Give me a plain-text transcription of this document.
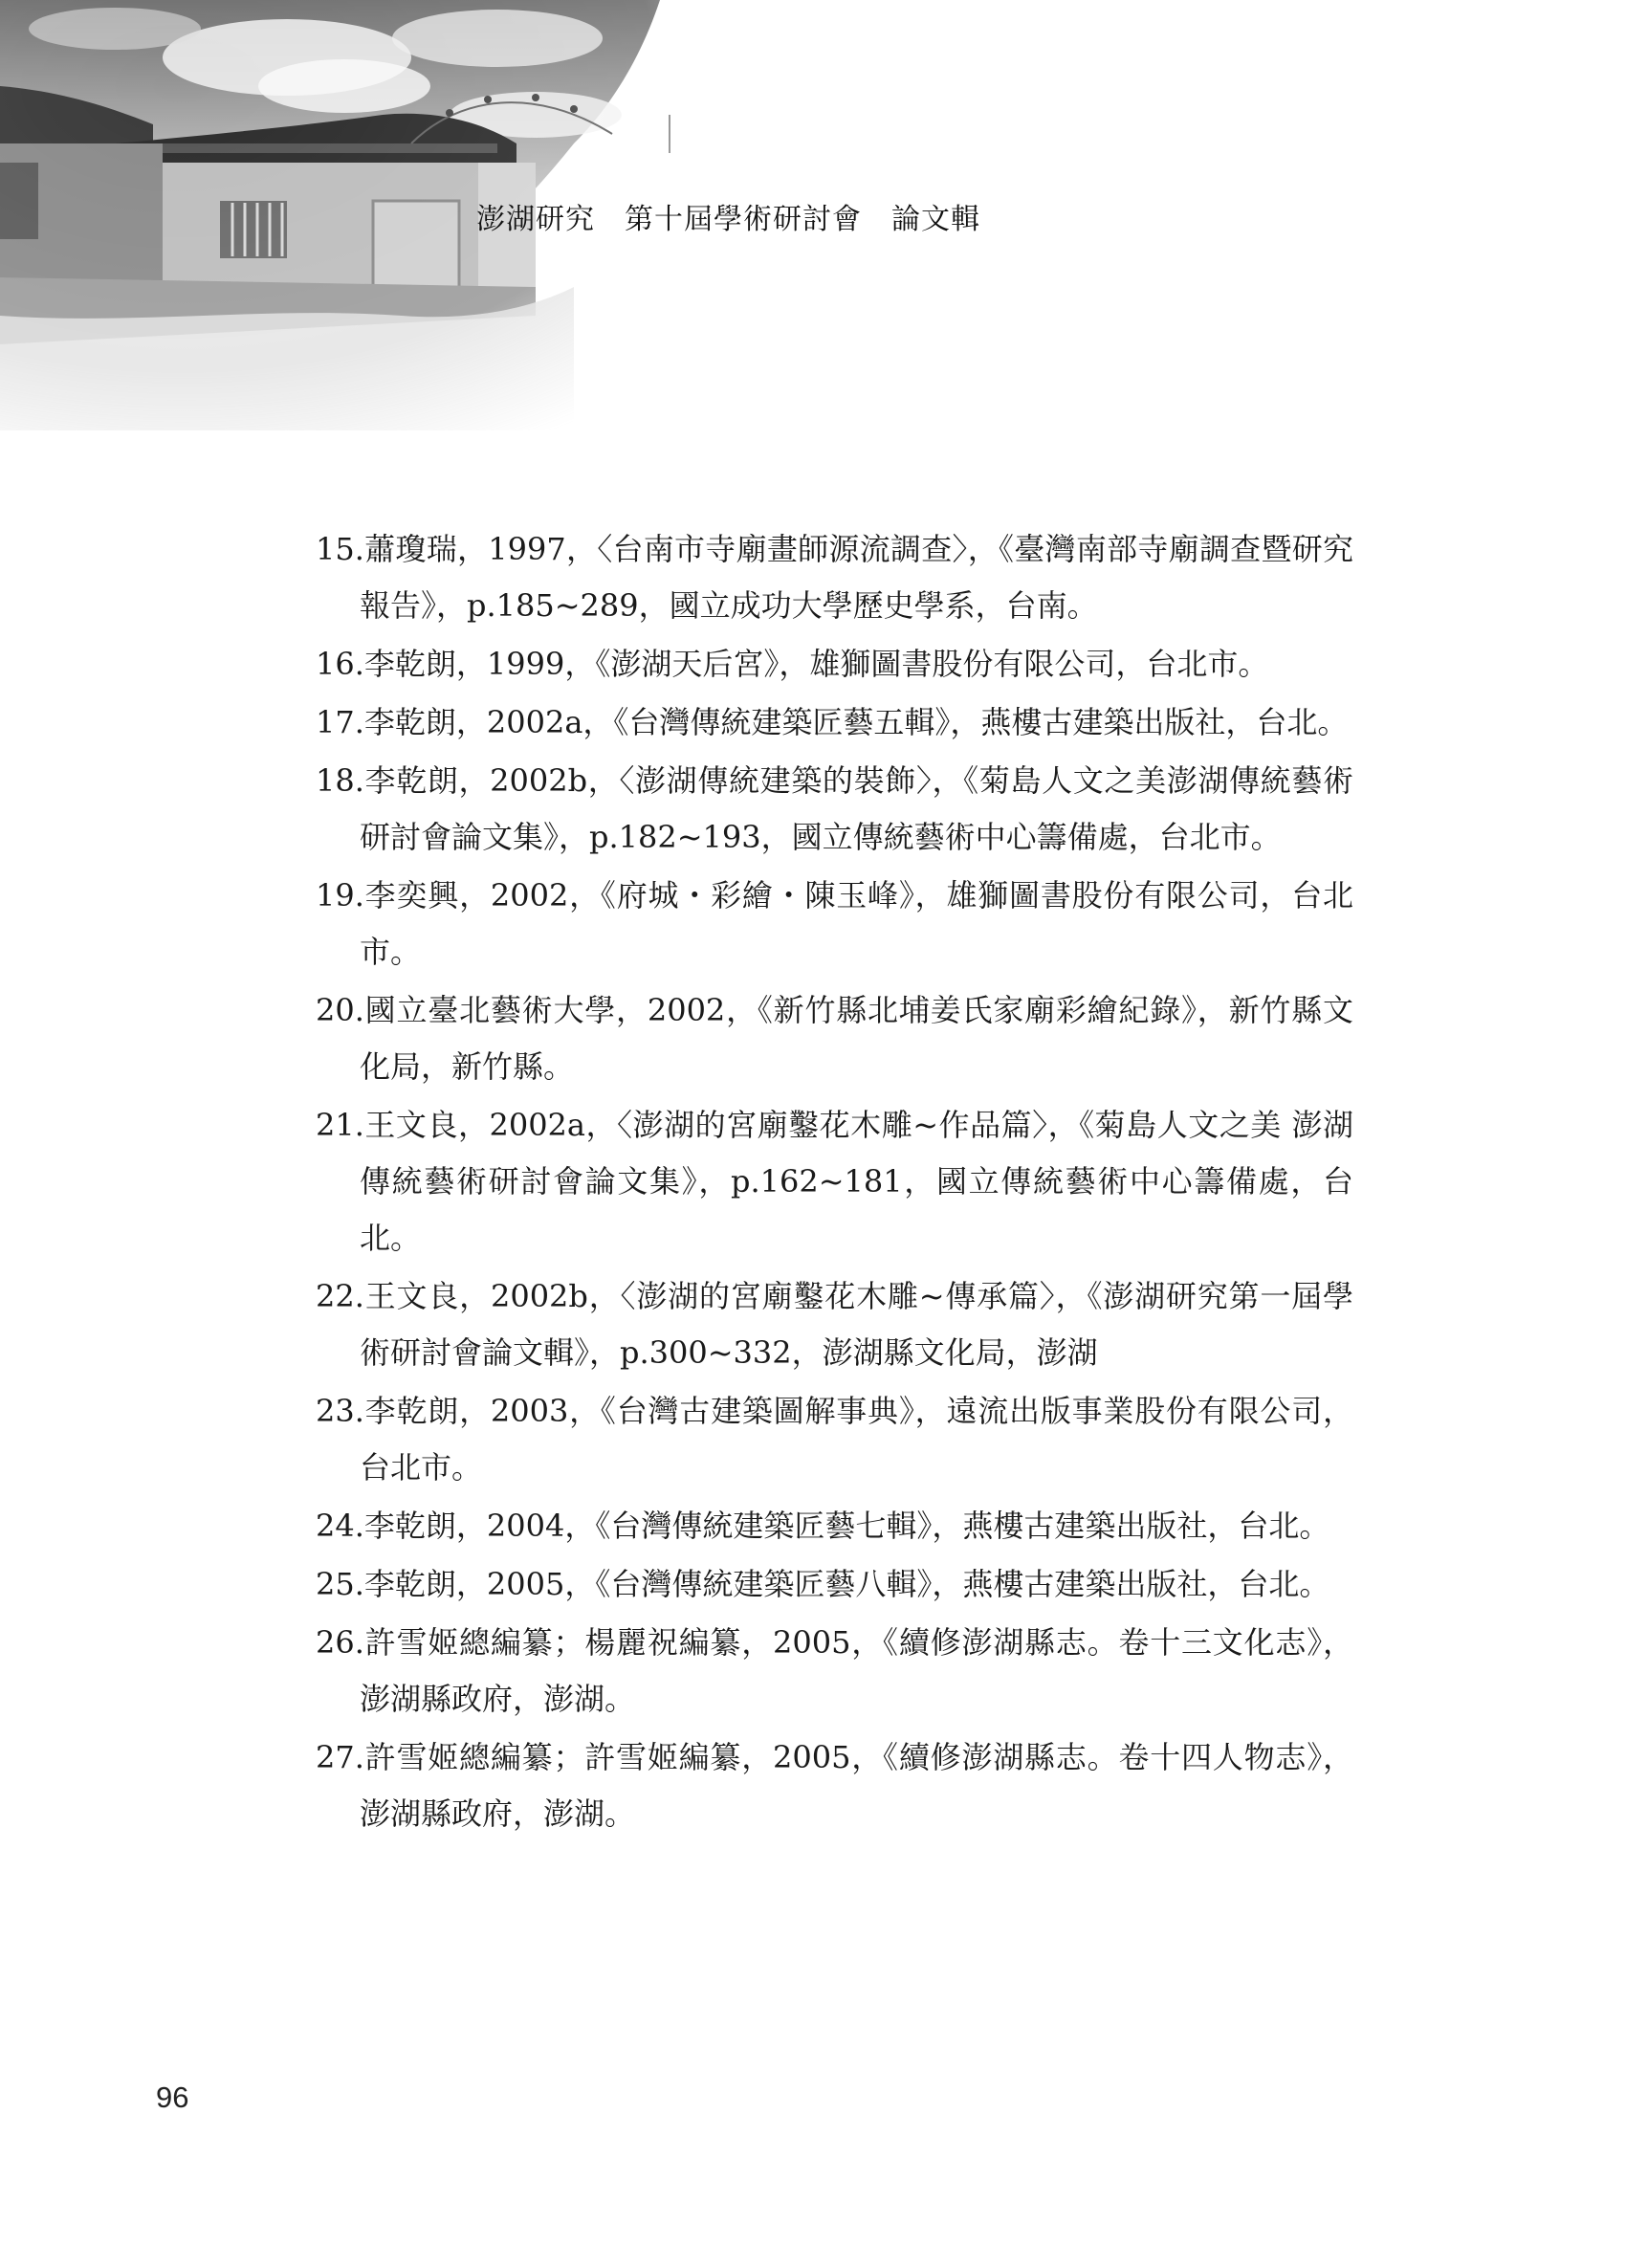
澎湖研究　第十屆學術研討會　論文輯
15.蕭瓊瑞，1997，〈台南市寺廟畫師源流調查〉，《臺灣南部寺廟調查暨研究報告》，p.185~289，國立成功大學歷史學系，台南。
16.李乾朗，1999，《澎湖天后宮》，雄獅圖書股份有限公司，台北市。
17.李乾朗，2002a，《台灣傳統建築匠藝五輯》，燕樓古建築出版社，台北。
18.李乾朗，2002b，〈澎湖傳統建築的裝飾〉，《菊島人文之美澎湖傳統藝術研討會論文集》，p.182~193，國立傳統藝術中心籌備處，台北市。
19.李奕興，2002，《府城・彩繪・陳玉峰》，雄獅圖書股份有限公司，台北市。
20.國立臺北藝術大學，2002，《新竹縣北埔姜氏家廟彩繪紀錄》，新竹縣文化局，新竹縣。
21.王文良，2002a，〈澎湖的宮廟鑿花木雕~作品篇〉，《菊島人文之美 澎湖傳統藝術研討會論文集》，p.162~181，國立傳統藝術中心籌備處，台北。
22.王文良，2002b，〈澎湖的宮廟鑿花木雕~傳承篇〉，《澎湖研究第一屆學術研討會論文輯》，p.300~332，澎湖縣文化局，澎湖
23.李乾朗，2003，《台灣古建築圖解事典》，遠流出版事業股份有限公司，台北市。
24.李乾朗，2004，《台灣傳統建築匠藝七輯》，燕樓古建築出版社，台北。
25.李乾朗，2005，《台灣傳統建築匠藝八輯》，燕樓古建築出版社，台北。
26.許雪姬總編纂；楊麗祝編纂，2005，《續修澎湖縣志。卷十三文化志》，澎湖縣政府，澎湖。
27.許雪姬總編纂；許雪姬編纂，2005，《續修澎湖縣志。卷十四人物志》，澎湖縣政府，澎湖。
96
